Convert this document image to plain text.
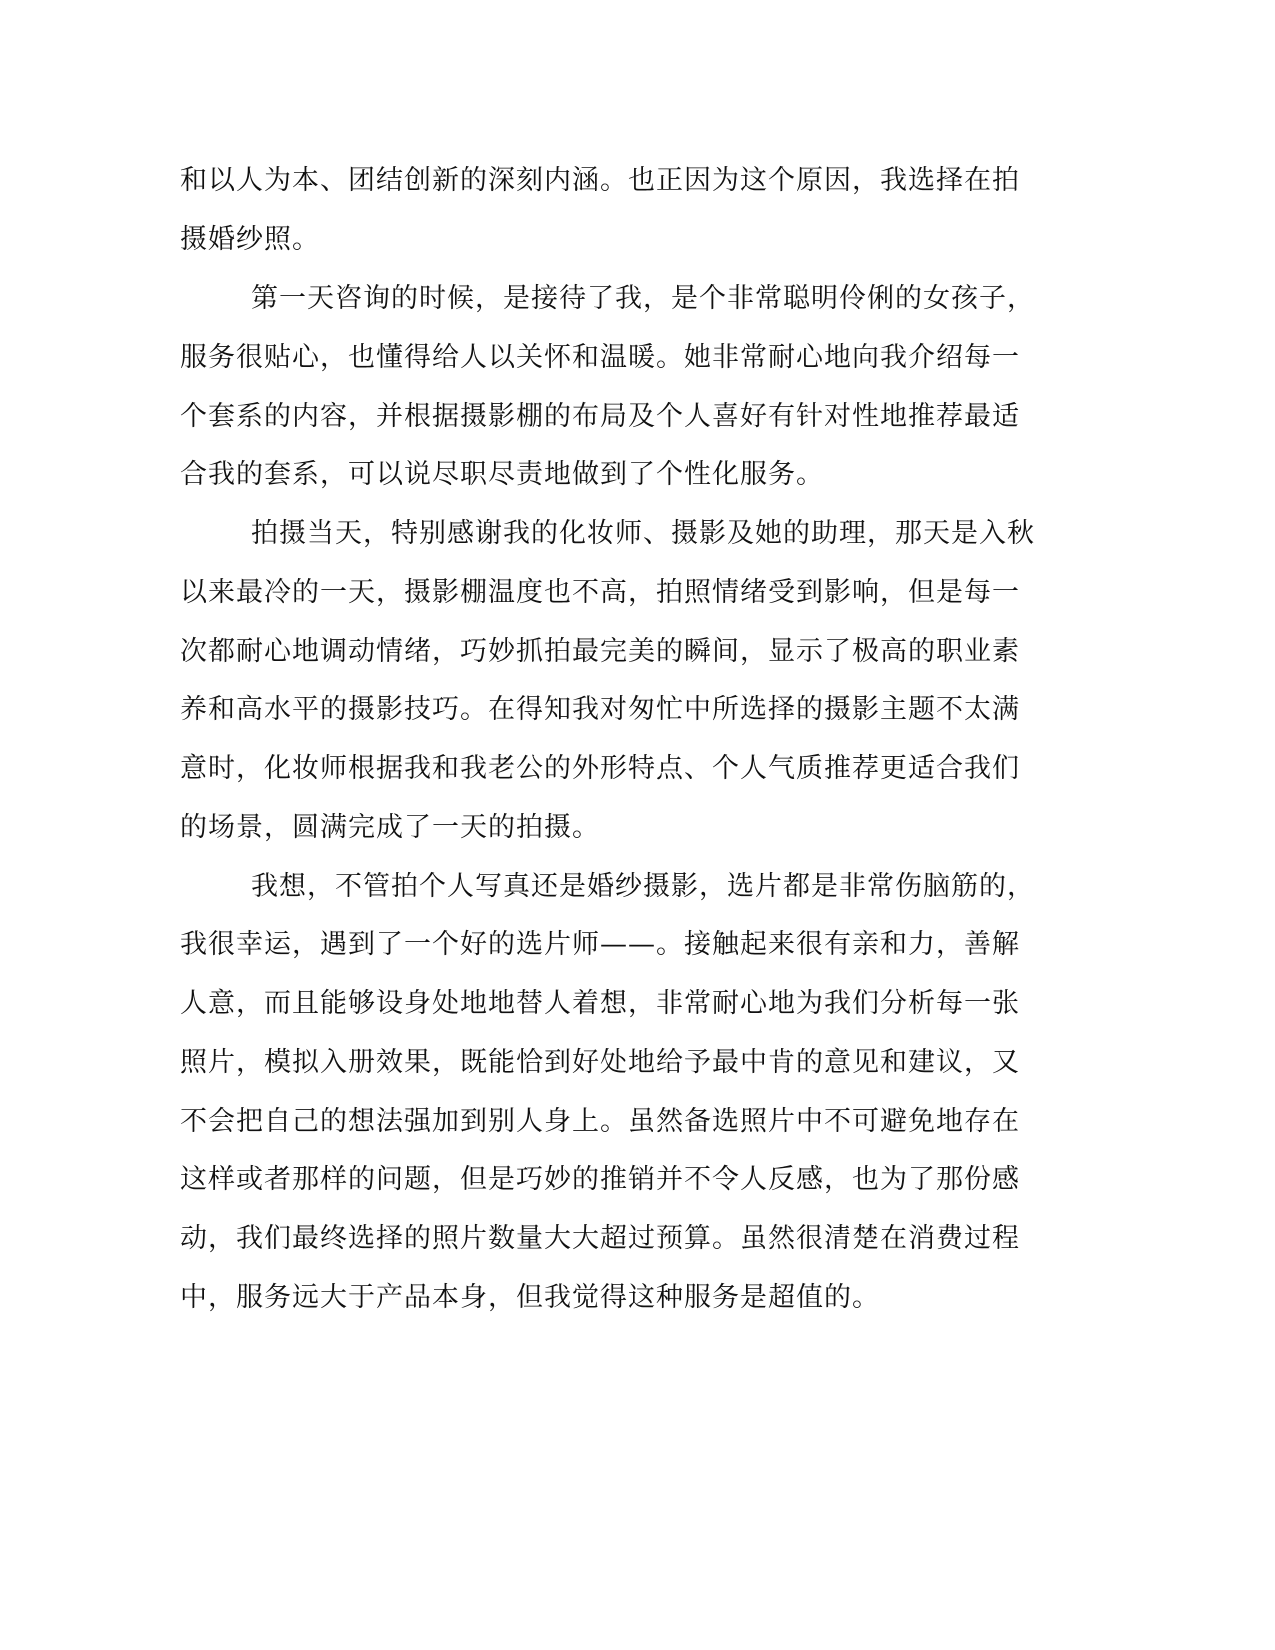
和以人为本、团结创新的深刻内涵。也正因为这个原因，我选择在拍
摄婚纱照。
第一天咨询的时候，是接待了我，是个非常聪明伶俐的女孩子，
服务很贴心，也懂得给人以关怀和温暖。她非常耐心地向我介绍每一
个套系的内容，并根据摄影棚的布局及个人喜好有针对性地推荐最适
合我的套系，可以说尽职尽责地做到了个性化服务。
拍摄当天，特别感谢我的化妆师、摄影及她的助理，那天是入秋
以来最冷的一天，摄影棚温度也不高，拍照情绪受到影响，但是每一
次都耐心地调动情绪，巧妙抓拍最完美的瞬间，显示了极高的职业素
养和高水平的摄影技巧。在得知我对匆忙中所选择的摄影主题不太满
意时，化妆师根据我和我老公的外形特点、个人气质推荐更适合我们
的场景，圆满完成了一天的拍摄。
我想，不管拍个人写真还是婚纱摄影，选片都是非常伤脑筋的，
我很幸运，遇到了一个好的选片师——。接触起来很有亲和力，善解
人意，而且能够设身处地地替人着想，非常耐心地为我们分析每一张
照片，模拟入册效果，既能恰到好处地给予最中肯的意见和建议，又
不会把自己的想法强加到别人身上。虽然备选照片中不可避免地存在
这样或者那样的问题，但是巧妙的推销并不令人反感，也为了那份感
动，我们最终选择的照片数量大大超过预算。虽然很清楚在消费过程
中，服务远大于产品本身，但我觉得这种服务是超值的。
